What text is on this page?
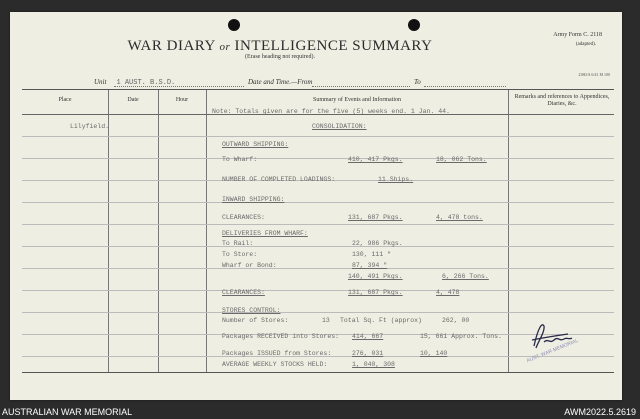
WAR DIARY or INTELLIGENCE SUMMARY
(Erase heading not required).
Army Form C. 2118
(adapted).
2380/A 6/41 M 100
Unit 1 AUST. B.S.D.	Date and Time.—From	To
Place	Date	Hour	Summary of Events and Information	Remarks and references to Appendices, Diaries, &c.
Note: Totals given are for the five (5) weeks end. 1 Jan. 44.
Lilyfield.	CONSOLIDATION:
OUTWARD SHIPPING:
To Wharf:	410, 417 Pkgs.	18, 062 Tons.
NUMBER OF COMPLETED LOADINGS:	11 Ships.
INWARD SHIPPING:
CLEARANCES:	131, 687 Pkgs.	4, 478 tons.
DELIVERIES FROM WHARF:
To Rail:	22, 986 Pkgs.
To Store:	130, 111 "
Wharf or Bond:	87, 394 "
140, 491 Pkgs.	6, 266 Tons.
CLEARANCES:	131, 687 Pkgs.	4, 478
STORES CONTROL:
Number of Stores:	13 Total Sq. Ft (approx)	262, 00
Packages RECEIVED into Stores: 414, 667	15, 661 Approx. Tons.
Packages ISSUED from Stores:	276, 031	10, 140
AVERAGE WEEKLY STOCKS HELD:	1, 040, 308
AUST. WAR MEMORIAL
AUSTRALIAN WAR MEMORIAL	AWM2022.5.2619
